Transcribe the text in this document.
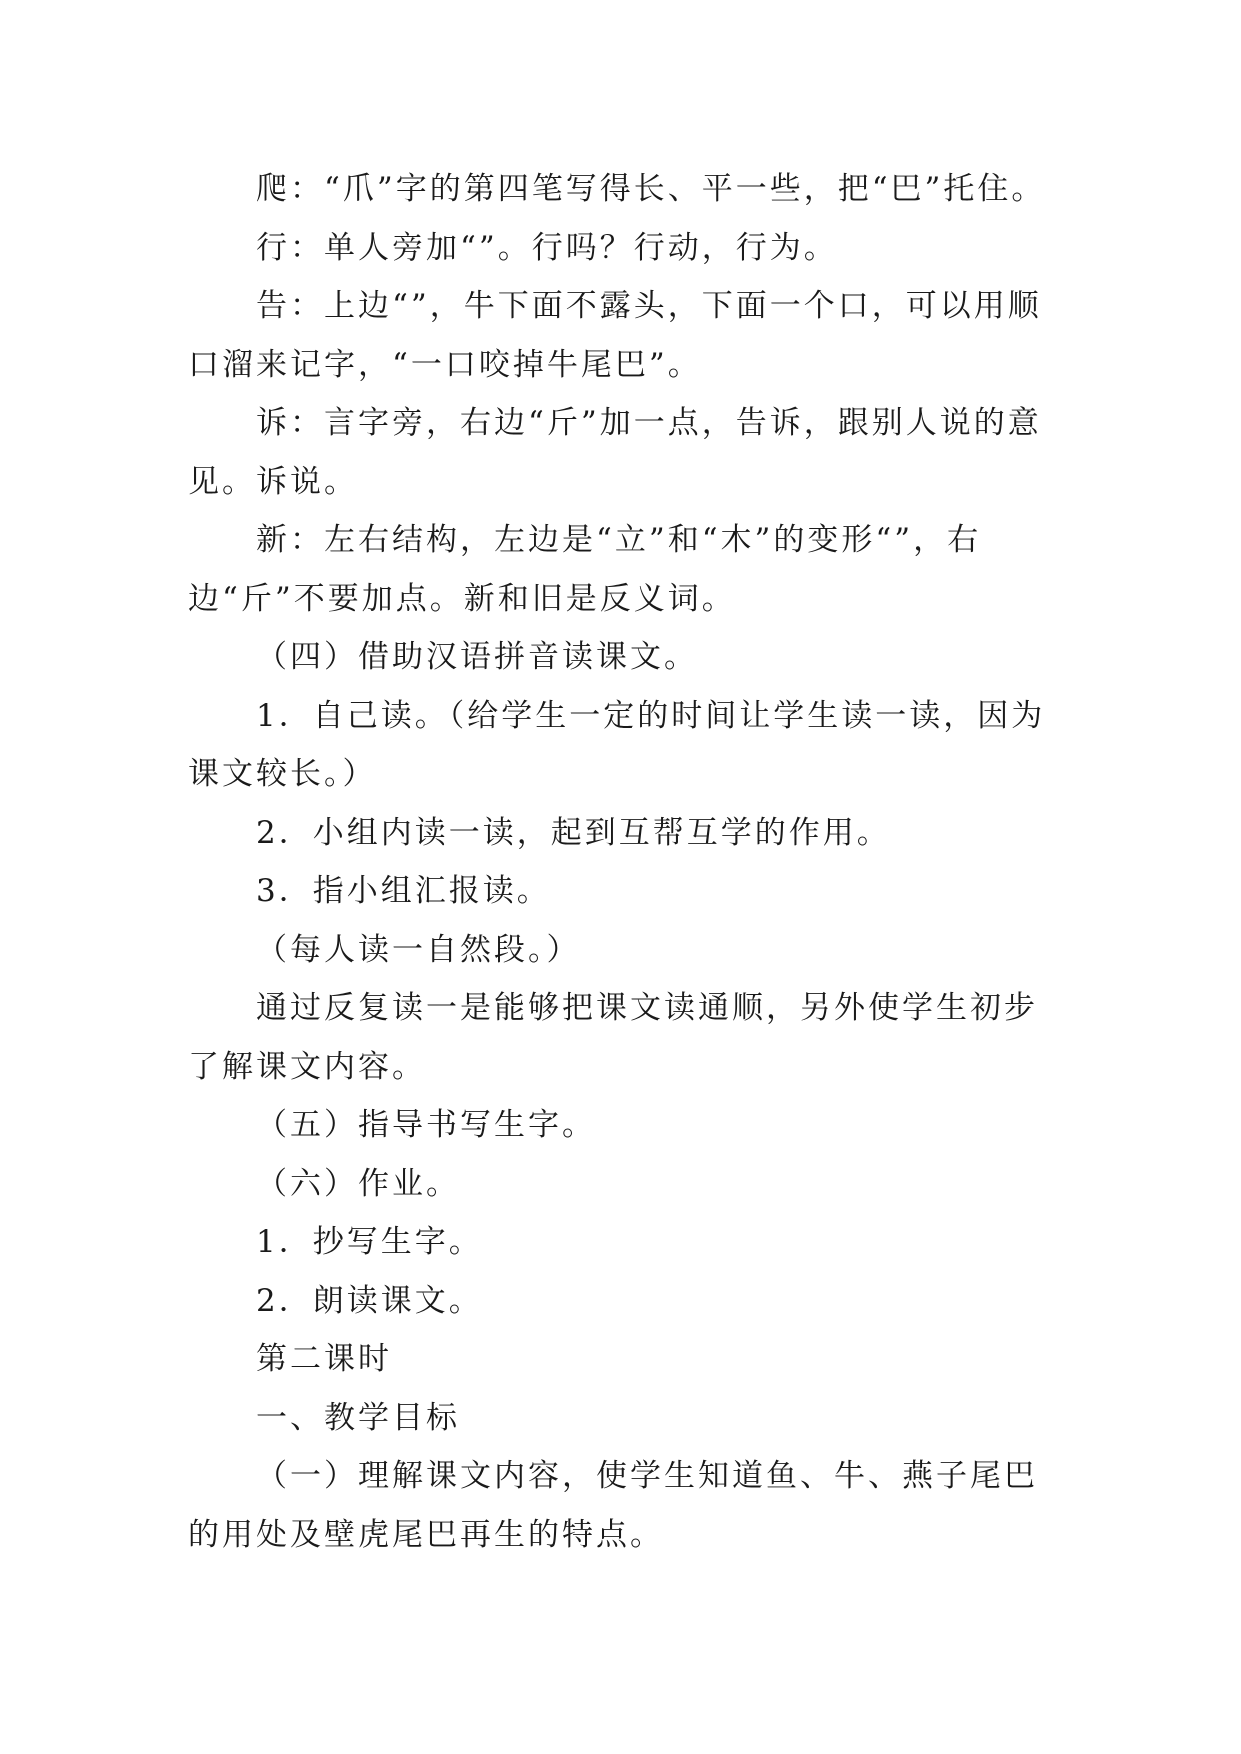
爬：“爪”字的第四笔写得长、平一些，把“巴”托住。

行：单人旁加“”。行吗？行动，行为。

告：上边“”，牛下面不露头，下面一个口，可以用顺口溜来记字，“一口咬掉牛尾巴”。

诉：言字旁，右边“斤”加一点，告诉，跟别人说的意见。诉说。

新：左右结构，左边是“立”和“木”的变形“”，右边“斤”不要加点。新和旧是反义词。

（四）借助汉语拼音读课文。

1．自己读。（给学生一定的时间让学生读一读，因为课文较长。）

2．小组内读一读，起到互帮互学的作用。

3．指小组汇报读。

（每人读一自然段。）

通过反复读一是能够把课文读通顺，另外使学生初步了解课文内容。

（五）指导书写生字。

（六）作业。

1．抄写生字。

2．朗读课文。

第二课时

一、教学目标

（一）理解课文内容，使学生知道鱼、牛、燕子尾巴的用处及壁虎尾巴再生的特点。
